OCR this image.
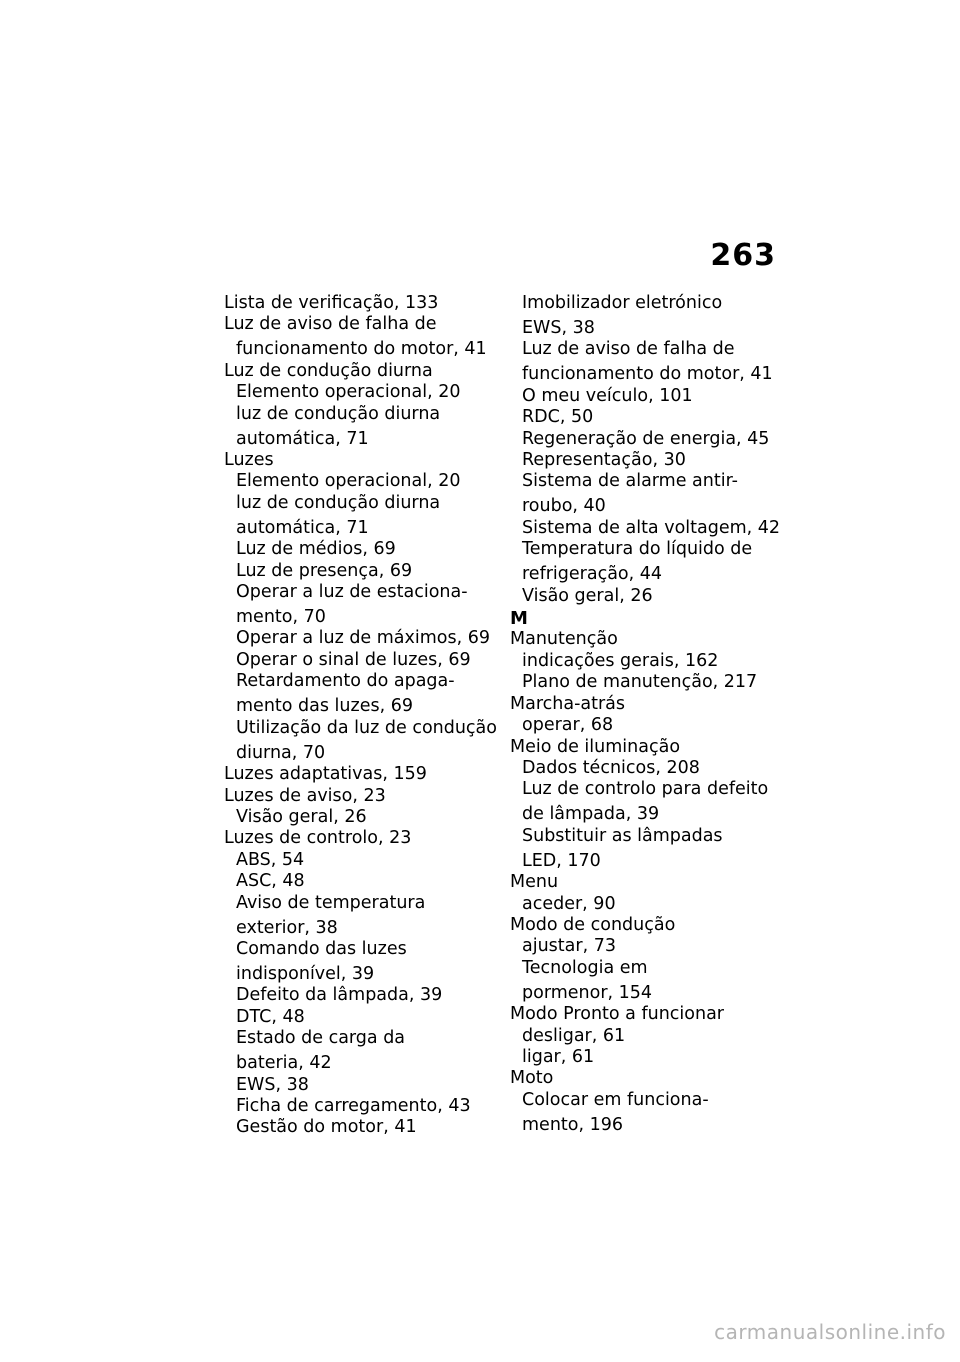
263
Lista de verificação, 133
Luz de aviso de falha de
funcionamento do motor, 41
Luz de condução diurna
Elemento operacional, 20
luz de condução diurna
automática, 71
Luzes
Elemento operacional, 20
luz de condução diurna
automática, 71
Luz de médios, 69
Luz de presença, 69
Operar a luz de estaciona-
mento, 70
Operar a luz de máximos, 69
Operar o sinal de luzes, 69
Retardamento do apaga-
mento das luzes, 69
Utilização da luz de condução
diurna, 70
Luzes adaptativas, 159
Luzes de aviso, 23
Visão geral, 26
Luzes de controlo, 23
ABS, 54
ASC, 48
Aviso de temperatura
exterior, 38
Comando das luzes
indisponível, 39
Defeito da lâmpada, 39
DTC, 48
Estado de carga da
bateria, 42
EWS, 38
Ficha de carregamento, 43
Gestão do motor, 41
Imobilizador eletrónico
EWS, 38
Luz de aviso de falha de
funcionamento do motor, 41
O meu veículo, 101
RDC, 50
Regeneração de energia, 45
Representação, 30
Sistema de alarme antir-
roubo, 40
Sistema de alta voltagem, 42
Temperatura do líquido de
refrigeração, 44
Visão geral, 26
M
Manutenção
indicações gerais, 162
Plano de manutenção, 217
Marcha-atrás
operar, 68
Meio de iluminação
Dados técnicos, 208
Luz de controlo para defeito
de lâmpada, 39
Substituir as lâmpadas
LED, 170
Menu
aceder, 90
Modo de condução
ajustar, 73
Tecnologia em
pormenor, 154
Modo Pronto a funcionar
desligar, 61
ligar, 61
Moto
Colocar em funciona-
mento, 196
carmanualsonline.info
